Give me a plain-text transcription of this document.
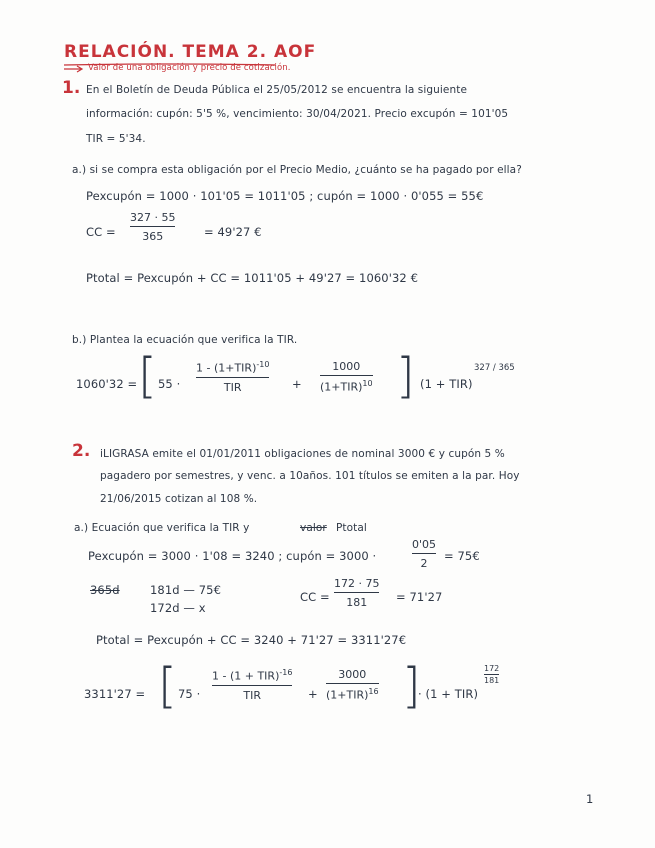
RELACIÓN. TEMA 2. AOF
Valor de una obligación y precio de cotización.
1. En el Boletín de Deuda Pública el 25/05/2012 se encuentra la siguiente
información: cupón: 5'5 %, vencimiento: 30/04/2021. Precio excupón = 101'05
TIR = 5'34.
a.) si se compra esta obligación por el Precio Medio, ¿cuánto se ha pagado por ella?
Pexcupón = 1000 · 101'05 = 1011'05 ; cupón = 1000 · 0'055 = 55€
CC =
327 · 55
365	= 49'27 €
Ptotal = Pexcupón + CC = 1011'05 + 49'27 = 1060'32 €
b.) Plantea la ecuación que verifica la TIR.
1060'32 = [ 55 ·
$1 - (1+TIR)^{-10}$
TIR	+
1000
$(1+TIR)^{10}$ ] (1 + TIR)
327 / 365
2. iLIGRASA emite el 01/01/2011 obligaciones de nominal 3000 € y cupón 5 %
pagadero por semestres, y venc. a 10años. 101 títulos se emiten a la par. Hoy
21/06/2015 cotizan al 108 %.
a.) Ecuación que verifica la TIR y	valor Ptotal
Pexcupón = 3000 · 1'08 = 3240 ; cupón = 3000 ·
0'05
2
= 75€
365d	181d — 75€
172d — x
CC =
172 · 75
181	= 71'27
Ptotal = Pexcupón + CC = 3240 + 71'27 = 3311'27€
3311'27 = [ 75 ·
1 - (1 + TIR)$^{-16}$
TIR	+
3000
$(1+TIR)^{16}$ ]
· (1 + TIR)
172
181
1
